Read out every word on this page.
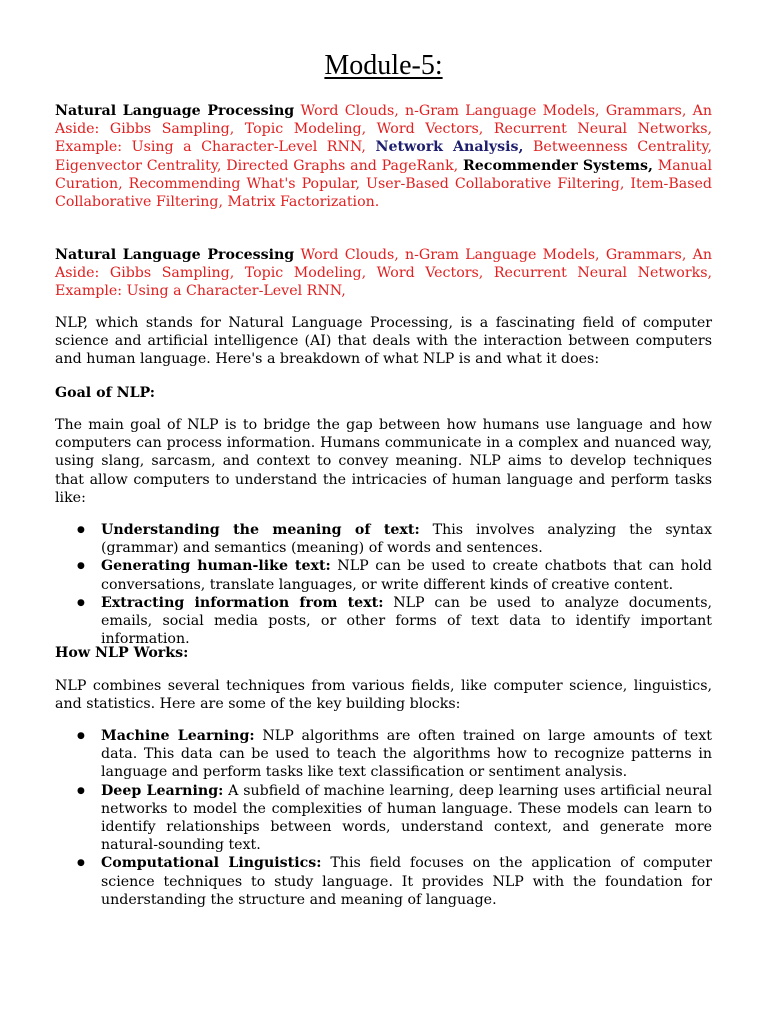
Module-5:

Natural Language Processing Word Clouds, n-Gram Language Models, Grammars, An Aside: Gibbs Sampling, Topic Modeling, Word Vectors, Recurrent Neural Networks, Example: Using a Character-Level RNN, Network Analysis, Betweenness Centrality, Eigenvector Centrality, Directed Graphs and PageRank, Recommender Systems, Manual Curation, Recommending What's Popular, User-Based Collaborative Filtering, Item-Based Collaborative Filtering, Matrix Factorization.

Natural Language Processing Word Clouds, n-Gram Language Models, Grammars, An Aside: Gibbs Sampling, Topic Modeling, Word Vectors, Recurrent Neural Networks, Example: Using a Character-Level RNN,

NLP, which stands for Natural Language Processing, is a fascinating field of computer science and artificial intelligence (AI) that deals with the interaction between computers and human language. Here's a breakdown of what NLP is and what it does:

Goal of NLP:

The main goal of NLP is to bridge the gap between how humans use language and how computers can process information. Humans communicate in a complex and nuanced way, using slang, sarcasm, and context to convey meaning. NLP aims to develop techniques that allow computers to understand the intricacies of human language and perform tasks like:

● Understanding the meaning of text: This involves analyzing the syntax (grammar) and semantics (meaning) of words and sentences.
● Generating human-like text: NLP can be used to create chatbots that can hold conversations, translate languages, or write different kinds of creative content.
● Extracting information from text: NLP can be used to analyze documents, emails, social media posts, or other forms of text data to identify important information.

How NLP Works:

NLP combines several techniques from various fields, like computer science, linguistics, and statistics. Here are some of the key building blocks:

● Machine Learning: NLP algorithms are often trained on large amounts of text data. This data can be used to teach the algorithms how to recognize patterns in language and perform tasks like text classification or sentiment analysis.
● Deep Learning: A subfield of machine learning, deep learning uses artificial neural networks to model the complexities of human language. These models can learn to identify relationships between words, understand context, and generate more natural-sounding text.
● Computational Linguistics: This field focuses on the application of computer science techniques to study language. It provides NLP with the foundation for understanding the structure and meaning of language.
